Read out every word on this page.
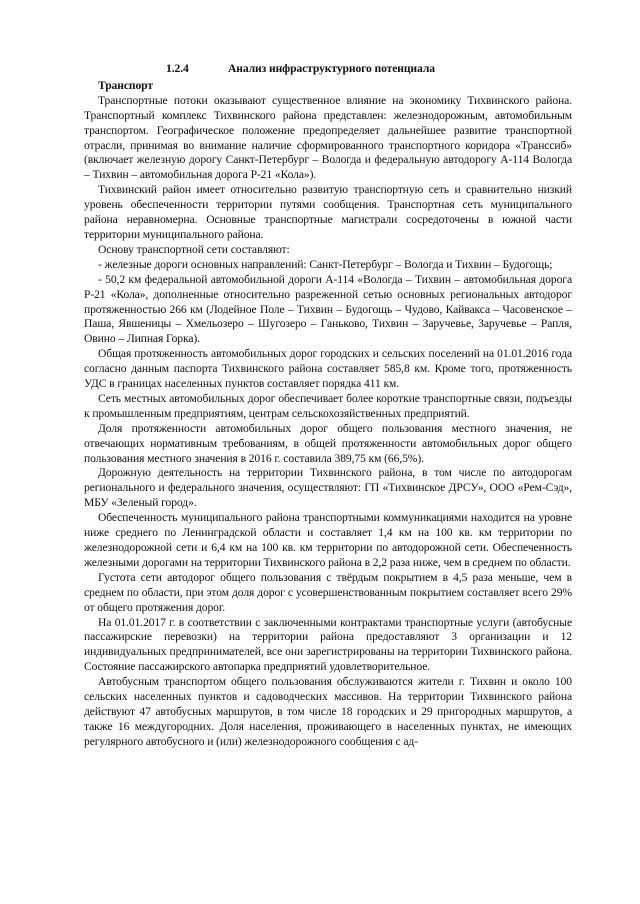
1.2.4	Анализ инфраструктурного потенциала
Транспорт

Транспортные потоки оказывают существенное влияние на экономику Тихвинского района. Транспортный комплекс Тихвинского района представлен: железнодорожным, автомобильным транспортом. Географическое положение предопределяет дальнейшее развитие транспортной отрасли, принимая во внимание наличие сформированного транспортного коридора «Транссиб» (включает железную дорогу Санкт-Петербург – Вологда и федеральную автодорогу А-114 Вологда – Тихвин – автомобильная дорога Р-21 «Кола»).

Тихвинский район имеет относительно развитую транспортную сеть и сравнительно низкий уровень обеспеченности территории путями сообщения. Транспортная сеть муниципального района неравномерна. Основные транспортные магистрали сосредоточены в южной части территории муниципального района.

Основу транспортной сети составляют:

- железные дороги основных направлений: Санкт-Петербург – Вологда и Тихвин – Будогощь;

- 50,2 км федеральной автомобильной дороги А-114 «Вологда – Тихвин – автомобильная дорога Р-21 «Кола», дополненные относительно разреженной сетью основных региональных автодорог протяженностью 266 км (Лодейное Поле – Тихвин – Будогощь – Чудово, Кайвакса – Часовенское – Паша, Явшеницы – Хмельозеро – Шугозеро – Ганьково, Тихвин – Заручевье, Заручевье – Рапля, Овино – Липная Горка).

Общая протяженность автомобильных дорог городских и сельских поселений на 01.01.2016 года согласно данным паспорта Тихвинского района составляет 585,8 км. Кроме того, протяженность УДС в границах населенных пунктов составляет порядка 411 км.

Сеть местных автомобильных дорог обеспечивает более короткие транспортные связи, подъезды к промышленным предприятиям, центрам сельскохозяйственных предприятий.

Доля протяженности автомобильных дорог общего пользования местного значения, не отвечающих нормативным требованиям, в общей протяженности автомобильных дорог общего пользования местного значения в 2016 г. составила 389,75 км (66,5%).

Дорожную деятельность на территории Тихвинского района, в том числе по автодорогам регионального и федерального значения, осуществляют: ГП «Тихвинское ДРСУ», ООО «Рем-Сэд», МБУ «Зеленый город».

Обеспеченность муниципального района транспортными коммуникациями находится на уровне ниже среднего по Ленинградской области и составляет 1,4 км на 100 кв. км территории по железнодорожной сети и 6,4 км на 100 кв. км территории по автодорожной сети. Обеспеченность железными дорогами на территории Тихвинского района в 2,2 раза ниже, чем в среднем по области.

Густота сети автодорог общего пользования с твёрдым покрытием в 4,5 раза меньше, чем в среднем по области, при этом доля дорог с усовершенствованным покрытием составляет всего 29% от общего протяжения дорог.

На 01.01.2017 г. в соответствии с заключенными контрактами транспортные услуги (автобусные пассажирские перевозки) на территории района предоставляют 3 организации и 12 индивидуальных предпринимателей, все они зарегистрированы на территории Тихвинского района. Состояние пассажирского автопарка предприятий удовлетворительное.

Автобусным транспортом общего пользования обслуживаются жители г. Тихвин и около 100 сельских населенных пунктов и садоводческих массивов. На территории Тихвинского района действуют 47 автобусных маршрутов, в том числе 18 городских и 29 пригородных маршрутов, а также 16 междугородних. Доля населения, проживающего в населенных пунктах, не имеющих регулярного автобусного и (или) железнодорожного сообщения с ад-
